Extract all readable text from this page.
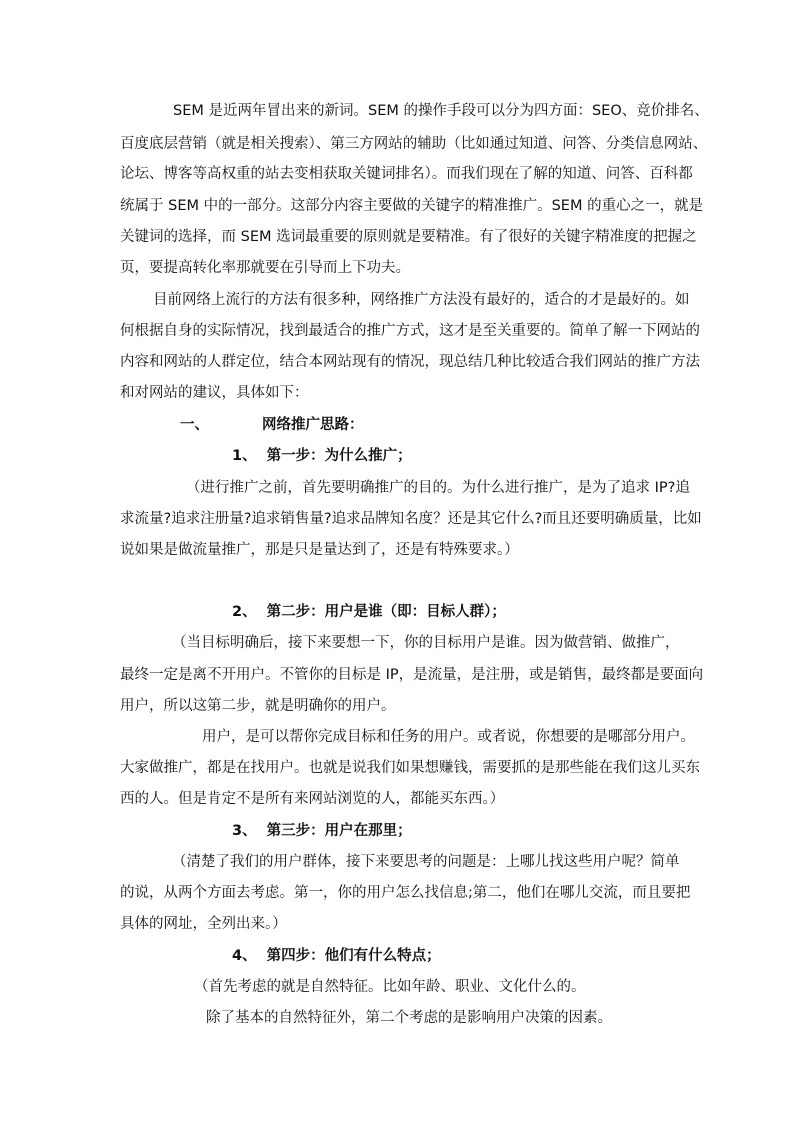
SEM 是近两年冒出来的新词。SEM 的操作手段可以分为四方面：SEO、竞价排名、
百度底层营销（就是相关搜索）、第三方网站的辅助（比如通过知道、问答、分类信息网站、
论坛、博客等高权重的站去变相获取关键词排名）。而我们现在了解的知道、问答、百科都
统属于 SEM 中的一部分。这部分内容主要做的关键字的精准推广。SEM 的重心之一，就是
关键词的选择，而 SEM 选词最重要的原则就是要精准。有了很好的关键字精准度的把握之
页，要提高转化率那就要在引导而上下功夫。
目前网络上流行的方法有很多种，网络推广方法没有最好的，适合的才是最好的。如
何根据自身的实际情况，找到最适合的推广方式，这才是至关重要的。简单了解一下网站的
内容和网站的人群定位，结合本网站现有的情况，现总结几种比较适合我们网站的推广方法
和对网站的建议，具体如下：
一、	网络推广思路：
1、  第一步：为什么推广；
（进行推广之前，首先要明确推广的目的。为什么进行推广，是为了追求 IP?追
求流量?追求注册量?追求销售量?追求品牌知名度？还是其它什么?而且还要明确质量，比如
说如果是做流量推广，那是只是量达到了，还是有特殊要求。）
2、  第二步：用户是谁（即：目标人群）；
（当目标明确后，接下来要想一下，你的目标用户是谁。因为做营销、做推广，
最终一定是离不开用户。不管你的目标是 IP，是流量，是注册，或是销售，最终都是要面向
用户，所以这第二步，就是明确你的用户。
用户，是可以帮你完成目标和任务的用户。或者说，你想要的是哪部分用户。
大家做推广，都是在找用户。也就是说我们如果想赚钱，需要抓的是那些能在我们这儿买东
西的人。但是肯定不是所有来网站浏览的人，都能买东西。）
3、  第三步：用户在那里；
（清楚了我们的用户群体，接下来要思考的问题是：上哪儿找这些用户呢？简单
的说，从两个方面去考虑。第一，你的用户怎么找信息;第二，他们在哪儿交流，而且要把
具体的网址，全列出来。）
4、  第四步：他们有什么特点；
（首先考虑的就是自然特征。比如年龄、职业、文化什么的。
除了基本的自然特征外，第二个考虑的是影响用户决策的因素。
